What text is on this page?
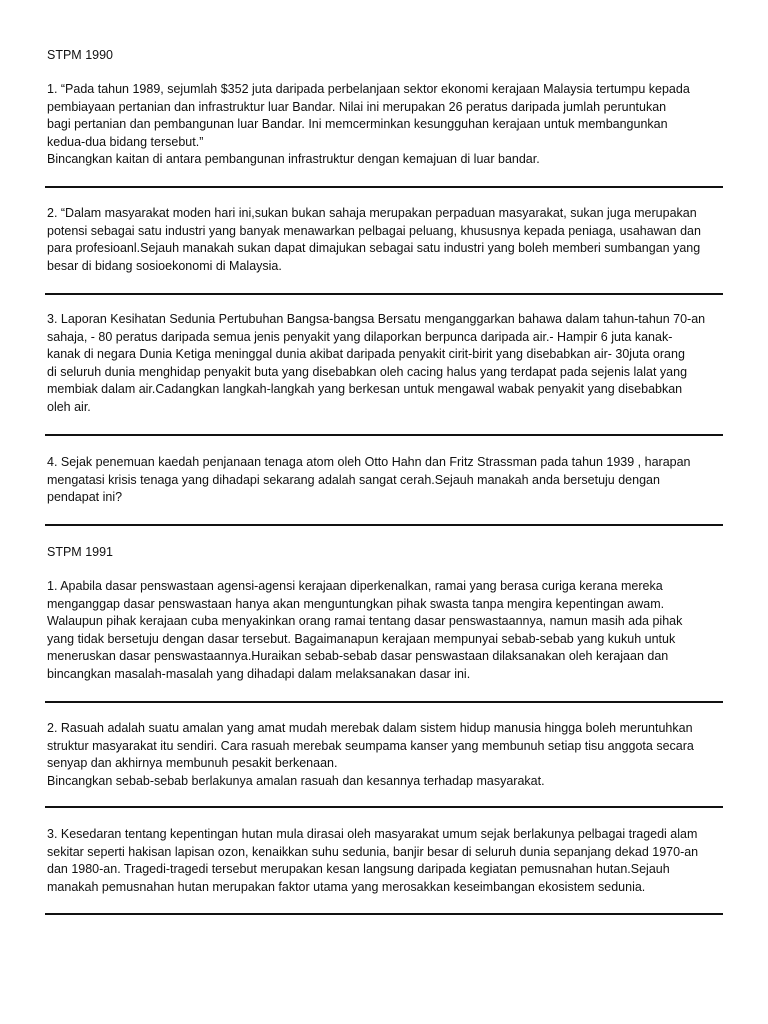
STPM 1990
1. “Pada tahun 1989, sejumlah $352 juta daripada perbelanjaan sektor ekonomi kerajaan Malaysia tertumpu kepada
pembiayaan pertanian dan infrastruktur luar Bandar. Nilai ini merupakan 26 peratus daripada jumlah peruntukan
bagi pertanian dan pembangunan luar Bandar. Ini memcerminkan kesungguhan kerajaan untuk membangunkan
kedua-dua bidang tersebut.”
Bincangkan kaitan di antara pembangunan infrastruktur dengan kemajuan di luar bandar.
2. “Dalam masyarakat moden hari ini,sukan bukan sahaja merupakan perpaduan masyarakat, sukan juga merupakan
potensi sebagai satu industri yang banyak menawarkan pelbagai peluang, khususnya kepada peniaga, usahawan dan
para profesioanl.Sejauh manakah sukan dapat dimajukan sebagai satu industri yang boleh memberi sumbangan yang
besar di bidang sosioekonomi di Malaysia.
3. Laporan Kesihatan Sedunia Pertubuhan Bangsa-bangsa Bersatu menganggarkan bahawa dalam tahun-tahun 70-an
sahaja, - 80 peratus daripada semua jenis penyakit yang dilaporkan berpunca daripada air.- Hampir 6 juta kanak-
kanak di negara Dunia Ketiga meninggal dunia akibat daripada penyakit cirit-birit yang disebabkan air- 30juta orang
di seluruh dunia menghidap penyakit buta yang disebabkan oleh cacing halus yang terdapat pada sejenis lalat yang
membiak dalam air.Cadangkan langkah-langkah yang berkesan untuk mengawal wabak penyakit yang disebabkan
oleh air.
4. Sejak penemuan kaedah penjanaan tenaga atom oleh Otto Hahn dan Fritz Strassman pada tahun 1939 , harapan
mengatasi krisis tenaga yang dihadapi sekarang adalah sangat cerah.Sejauh manakah anda bersetuju dengan
pendapat ini?
STPM 1991
1. Apabila dasar penswastaan agensi-agensi kerajaan diperkenalkan, ramai yang berasa curiga kerana mereka
menganggap dasar penswastaan hanya akan menguntungkan pihak swasta tanpa mengira kepentingan awam.
Walaupun pihak kerajaan cuba menyakinkan orang ramai tentang dasar penswastaannya, namun masih ada pihak
yang tidak bersetuju dengan dasar tersebut. Bagaimanapun kerajaan mempunyai sebab-sebab yang kukuh untuk
meneruskan dasar penswastaannya.Huraikan sebab-sebab dasar penswastaan dilaksanakan oleh kerajaan dan
bincangkan masalah-masalah yang dihadapi dalam melaksanakan dasar ini.
2. Rasuah adalah suatu amalan yang amat mudah merebak dalam sistem hidup manusia hingga boleh meruntuhkan
struktur masyarakat itu sendiri. Cara rasuah merebak seumpama kanser yang membunuh setiap tisu anggota secara
senyap dan akhirnya membunuh pesakit berkenaan.
Bincangkan sebab-sebab berlakunya amalan rasuah dan kesannya terhadap masyarakat.
3. Kesedaran tentang kepentingan hutan mula dirasai oleh masyarakat umum sejak berlakunya pelbagai tragedi alam
sekitar seperti hakisan lapisan ozon, kenaikkan suhu sedunia, banjir besar di seluruh dunia sepanjang dekad 1970-an
dan 1980-an. Tragedi-tragedi tersebut merupakan kesan langsung daripada kegiatan pemusnahan hutan.Sejauh
manakah pemusnahan hutan merupakan faktor utama yang merosakkan keseimbangan ekosistem sedunia.
